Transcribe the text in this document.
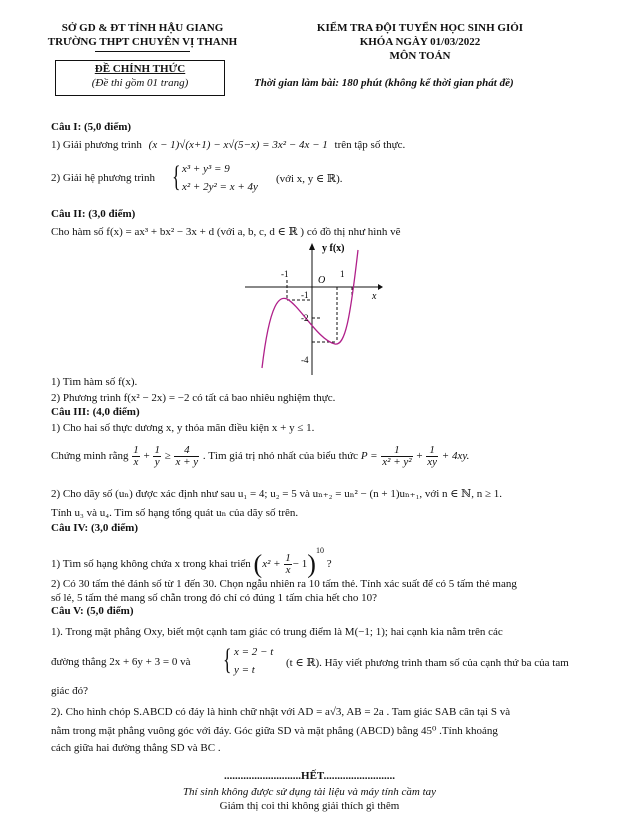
SỞ GD & ĐT TỈNH HẬU GIANG
TRƯỜNG THPT CHUYÊN VỊ THANH
KIỂM TRA ĐỘI TUYỂN HỌC SINH GIỎI
KHÓA NGÀY 01/03/2022
MÔN TOÁN
ĐỀ CHÍNH THỨC
(Đề thi gồm 01 trang)	Thời gian làm bài: 180 phút (không kể thời gian phát đề)
Câu I: (5,0 điểm)
1) Giải phương trình (x − 1)√(x+1) − x√(5−x) = 3x² − 4x − 1 trên tập số thực.
2) Giải hệ phương trình { x³ + y³ = 9
x² + 2y² = x + 4y
(với x, y ∈ ℝ).
Câu II: (3,0 điểm)
Cho hàm số f(x) = ax³ + bx² − 3x + d (với a, b, c, d ∈ ℝ ) có đồ thị như hình vẽ
-1	1
-1
-2
-4
O
x
y f(x)
1) Tìm hàm số f(x).
2) Phương trình f(x² − 2x) = −2 có tất cả bao nhiêu nghiệm thực.
Câu III: (4,0 điểm)
1) Cho hai số thực dương x, y thỏa mãn điều kiện x + y ≤ 1.
Chứng minh rằng $\frac{1}{x} + \frac{1}{y} \ge \frac{4}{x + y}$ . Tìm giá trị nhỏ nhất của biểu thức $P = \frac{1}{\text{x² + y²}} + \frac{1}{xy} + 4xy$.
2) Cho dãy số (uₙ) được xác định như sau u₁ = 4; u₂ = 5 và uₙ₊₂ = uₙ² − (n + 1)uₙ₊₁, với n ∈ ℕ, n ≥ 1.
Tính u₃ và u₄. Tìm số hạng tổng quát uₙ của dãy số trên.
Câu IV: (3,0 điểm)
1) Tìm số hạng không chứa x trong khai triển $(x^2 + \frac{1}{x} - 1)^{10}$ ?
2) Có 30 tấm thẻ đánh số từ 1 đến 30. Chọn ngẫu nhiên ra 10 tấm thẻ. Tính xác suất để có 5 tấm thẻ mang
số lẻ, 5 tấm thẻ mang số chẵn trong đó chỉ có đúng 1 tấm chia hết cho 10?
Câu V: (5,0 điểm)
1). Trong mặt phẳng Oxy, biết một cạnh tam giác có trung điểm là M(−1; 1); hai cạnh kia nằm trên các
đường thẳng 2x + 6y + 3 = 0 và { x = 2 − t
y = t
(t ∈ ℝ). Hãy viết phương trình tham số của cạnh thứ ba của tam
giác đó?
2). Cho hình chóp S.ABCD có đáy là hình chữ nhật với AD = a√3, AB = 2a . Tam giác SAB cân tại S và
nằm trong mặt phẳng vuông góc với đáy. Góc giữa SD và mặt phẳng (ABCD) bằng 45⁰ .Tính khoảng
cách giữa hai đường thẳng SD và BC .
............................HẾT..........................
Thí sinh không được sử dụng tài liệu và máy tính cầm tay
Giám thị coi thi không giải thích gì thêm
